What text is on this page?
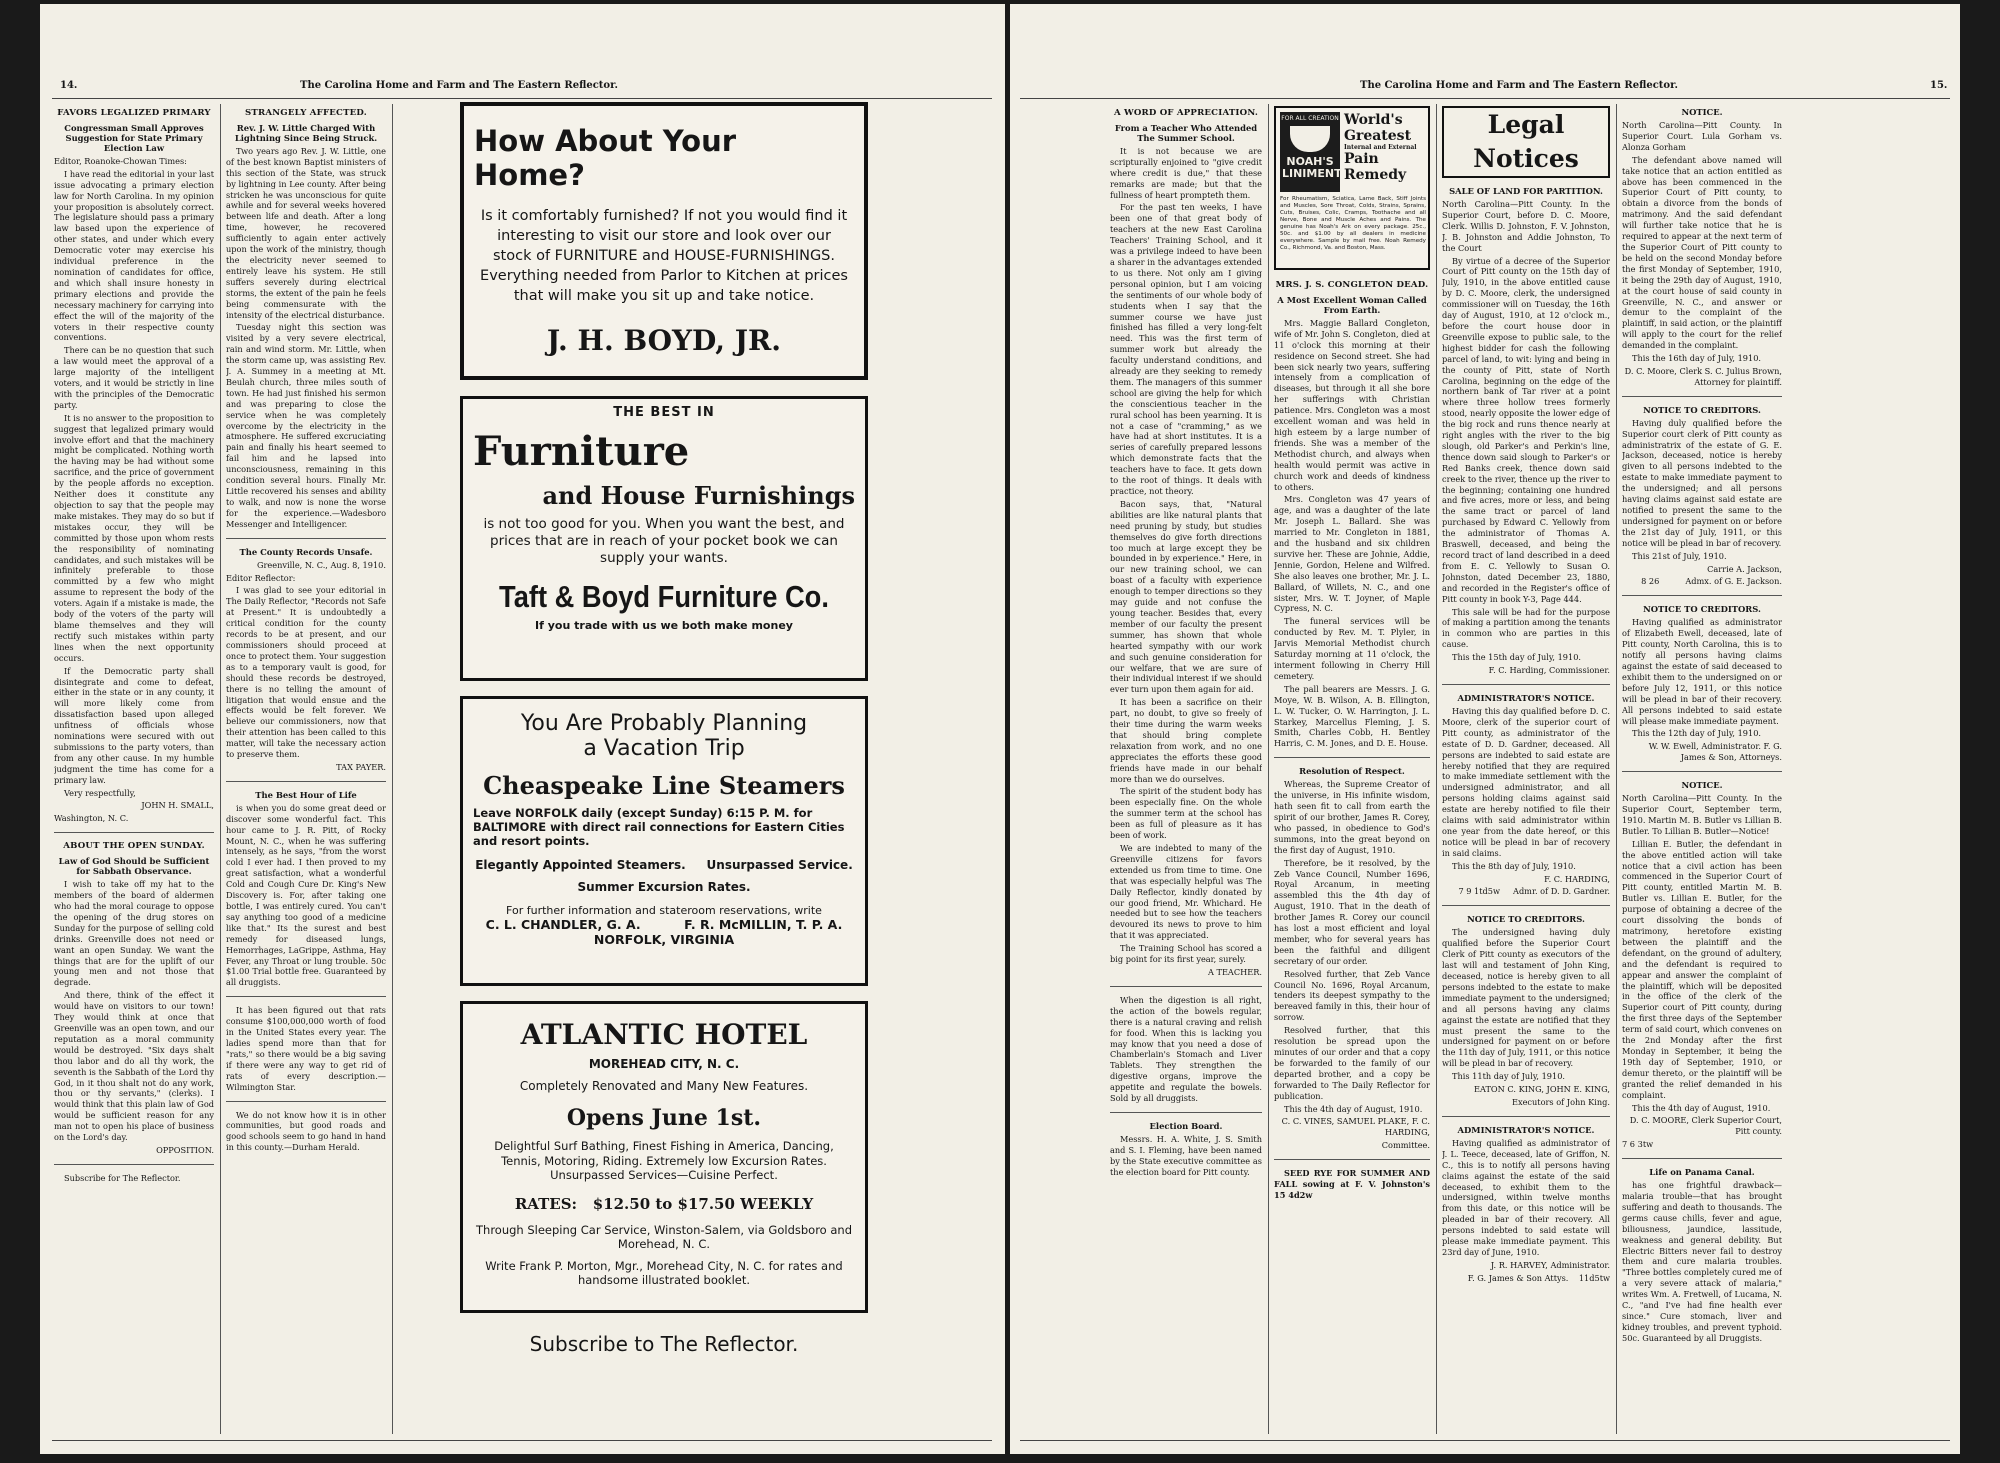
14.	The Carolina Home and Farm and The Eastern Reflector.
FAVORS LEGALIZED PRIMARY
Congressman Small Approves Suggestion for State Primary Election Law

Editor, Roanoke-Chowan Times:

I have read the editorial in your last issue advocating a primary election law for North Carolina. In my opinion your proposition is absolutely correct. The legislature should pass a primary law based upon the experience of other states, and under which every Democratic voter may exercise his individual preference in the nomination of candidates for office, and which shall insure honesty in primary elections and provide the necessary machinery for carrying into effect the will of the majority of the voters in their respective county conventions.

There can be no question that such a law would meet the approval of a large majority of the intelligent voters, and it would be strictly in line with the principles of the Democratic party.

It is no answer to the proposition to suggest that legalized primary would involve effort and that the machinery might be complicated. Nothing worth the having may be had without some sacrifice, and the price of government by the people affords no exception. Neither does it constitute any objection to say that the people may make mistakes. They may do so but if mistakes occur, they will be committed by those upon whom rests the responsibility of nominating candidates, and such mistakes will be infinitely preferable to those committed by a few who might assume to represent the body of the voters. Again if a mistake is made, the body of the voters of the party will blame themselves and they will rectify such mistakes within party lines when the next opportunity occurs.

If the Democratic party shall disintegrate and come to defeat, either in the state or in any county, it will more likely come from dissatisfaction based upon alleged unfitness of officials whose nominations were secured with out submissions to the party voters, than from any other cause. In my humble judgment the time has come for a primary law.

Very respectfully,

JOHN H. SMALL,

Washington, N. C.

ABOUT THE OPEN SUNDAY.
Law of God Should be Sufficient for Sabbath Observance.

I wish to take off my hat to the members of the board of aldermen who had the moral courage to oppose the opening of the drug stores on Sunday for the purpose of selling cold drinks. Greenville does not need or want an open Sunday. We want the things that are for the uplift of our young men and not those that degrade.

And there, think of the effect it would have on visitors to our town! They would think at once that Greenville was an open town, and our reputation as a moral community would be destroyed. "Six days shalt thou labor and do all thy work, the seventh is the Sabbath of the Lord thy God, in it thou shalt not do any work, thou or thy servants," (clerks). I would think that this plain law of God would be sufficient reason for any man not to open his place of business on the Lord's day.

OPPOSITION.

Subscribe for The Reflector.

STRANGELY AFFECTED.
Rev. J. W. Little Charged With Lightning Since Being Struck.

Two years ago Rev. J. W. Little, one of the best known Baptist ministers of this section of the State, was struck by lightning in Lee county. After being stricken he was unconscious for quite awhile and for several weeks hovered between life and death. After a long time, however, he recovered sufficiently to again enter actively upon the work of the ministry, though the electricity never seemed to entirely leave his system. He still suffers severely during electrical storms, the extent of the pain he feels being commensurate with the intensity of the electrical disturbance.

Tuesday night this section was visited by a very severe electrical, rain and wind storm. Mr. Little, when the storm came up, was assisting Rev. J. A. Summey in a meeting at Mt. Beulah church, three miles south of town. He had just finished his sermon and was preparing to close the service when he was completely overcome by the electricity in the atmosphere. He suffered excruciating pain and finally his heart seemed to fail him and he lapsed into unconsciousness, remaining in this condition several hours. Finally Mr. Little recovered his senses and ability to walk, and now is none the worse for the experience.—Wadesboro Messenger and Intelligencer.

The County Records Unsafe.

Greenville, N. C., Aug. 8, 1910.

Editor Reflector:

I was glad to see your editorial in The Daily Reflector, "Records not Safe at Present." It is undoubtedly a critical condition for the county records to be at present, and our commissioners should proceed at once to protect them. Your suggestion as to a temporary vault is good, for should these records be destroyed, there is no telling the amount of litigation that would ensue and the effects would be felt forever. We believe our commissioners, now that their attention has been called to this matter, will take the necessary action to preserve them.

TAX PAYER.

The Best Hour of Life

is when you do some great deed or discover some wonderful fact. This hour came to J. R. Pitt, of Rocky Mount, N. C., when he was suffering intensely, as he says, "from the worst cold I ever had. I then proved to my great satisfaction, what a wonderful Cold and Cough Cure Dr. King's New Discovery is. For, after taking one bottle, I was entirely cured. You can't say anything too good of a medicine like that." Its the surest and best remedy for diseased lungs, Hemorrhages, LaGrippe, Asthma, Hay Fever, any Throat or lung trouble. 50c $1.00 Trial bottle free. Guaranteed by all druggists.

It has been figured out that rats consume $100,000,000 worth of food in the United States every year. The ladies spend more than that for "rats," so there would be a big saving if there were any way to get rid of rats of every description.—Wilmington Star.

We do not know how it is in other communities, but good roads and good schools seem to go hand in hand in this county.—Durham Herald.

How About Your Home?
Is it comfortably furnished? If not you would find it interesting to visit our store and look over our stock of FURNITURE and HOUSE-FURNISHINGS. Everything needed from Parlor to Kitchen at prices that will make you sit up and take notice.
J. H. BOYD, JR.
THE BEST IN
Furniture
and House Furnishings
is not too good for you. When you want the best, and prices that are in reach of your pocket book we can supply your wants.
Taft & Boyd Furniture Co.
If you trade with us we both make money
You Are Probably Planning
a Vacation Trip
Cheaspeake Line Steamers
Leave NORFOLK daily (except Sunday) 6:15 P. M. for BALTIMORE with direct rail connections for Eastern Cities and resort points.
Elegantly Appointed Steamers.     Unsurpassed Service.
Summer Excursion Rates.
For further information and stateroom reservations, write
C. L. CHANDLER, G. A.          F. R. McMILLIN, T. P. A.
NORFOLK, VIRGINIA
ATLANTIC HOTEL
MOREHEAD CITY, N. C.
Completely Renovated and Many New Features.
Opens June 1st.
Delightful Surf Bathing, Finest Fishing in America, Dancing, Tennis, Motoring, Riding. Extremely low Excursion Rates. Unsurpassed Services—Cuisine Perfect.
RATES:   $12.50 to $17.50 WEEKLY
Through Sleeping Car Service, Winston-Salem, via Goldsboro and Morehead, N. C.
Write Frank P. Morton, Mgr., Morehead City, N. C. for rates and handsome illustrated booklet.
Subscribe to The Reflector.
The Carolina Home and Farm and The Eastern Reflector.	15.
A WORD OF APPRECIATION.
From a Teacher Who Attended The Summer School.

It is not because we are scripturally enjoined to "give credit where credit is due," that these remarks are made; but that the fullness of heart prompteth them.

For the past ten weeks, I have been one of that great body of teachers at the new East Carolina Teachers' Training School, and it was a privilege indeed to have been a sharer in the advantages extended to us there. Not only am I giving personal opinion, but I am voicing the sentiments of our whole body of students when I say that the summer course we have just finished has filled a very long-felt need. This was the first term of summer work but already the faculty understand conditions, and already are they seeking to remedy them. The managers of this summer school are giving the help for which the conscientious teacher in the rural school has been yearning. It is not a case of "cramming," as we have had at short institutes. It is a series of carefully prepared lessons which demonstrate facts that the teachers have to face. It gets down to the root of things. It deals with practice, not theory.

Bacon says, that, "Natural abilities are like natural plants that need pruning by study, but studies themselves do give forth directions too much at large except they be bounded in by experience." Here, in our new training school, we can boast of a faculty with experience enough to temper directions so they may guide and not confuse the young teacher. Besides that, every member of our faculty the present summer, has shown that whole hearted sympathy with our work and such genuine consideration for our welfare, that we are sure of their individual interest if we should ever turn upon them again for aid.

It has been a sacrifice on their part, no doubt, to give so freely of their time during the warm weeks that should bring complete relaxation from work, and no one appreciates the efforts these good friends have made in our behalf more than we do ourselves.

The spirit of the student body has been especially fine. On the whole the summer term at the school has been as full of pleasure as it has been of work.

We are indebted to many of the Greenville citizens for favors extended us from time to time. One that was especially helpful was The Daily Reflector, kindly donated by our good friend, Mr. Whichard. He needed but to see how the teachers devoured its news to prove to him that it was appreciated.

The Training School has scored a big point for its first year, surely.

A TEACHER.

When the digestion is all right, the action of the bowels regular, there is a natural craving and relish for food. When this is lacking you may know that you need a dose of Chamberlain's Stomach and Liver Tablets. They strengthen the digestive organs, improve the appetite and regulate the bowels. Sold by all druggists.

Election Board.

Messrs. H. A. White, J. S. Smith and S. I. Fleming, have been named by the State executive committee as the election board for Pitt county.

FOR ALL CREATION
NOAH'S LINIMENT
World's Greatest
Internal and External
Pain Remedy
For Rheumatism, Sciatica, Lame Back, Stiff Joints and Muscles, Sore Throat, Colds, Strains, Sprains, Cuts, Bruises, Colic, Cramps, Toothache and all Nerve, Bone and Muscle Aches and Pains. The genuine has Noah's Ark on every package. 25c., 50c. and $1.00 by all dealers in medicine everywhere. Sample by mail free. Noah Remedy Co., Richmond, Va. and Boston, Mass.
MRS. J. S. CONGLETON DEAD.
A Most Excellent Woman Called From Earth.

Mrs. Maggie Ballard Congleton, wife of Mr. John S. Congleton, died at 11 o'clock this morning at their residence on Second street. She had been sick nearly two years, suffering intensely from a complication of diseases, but through it all she bore her sufferings with Christian patience. Mrs. Congleton was a most excellent woman and was held in high esteem by a large number of friends. She was a member of the Methodist church, and always when health would permit was active in church work and deeds of kindness to others.

Mrs. Congleton was 47 years of age, and was a daughter of the late Mr. Joseph L. Ballard. She was married to Mr. Congleton in 1881, and the husband and six children survive her. These are Johnie, Addie, Jennie, Gordon, Helene and Wilfred. She also leaves one brother, Mr. J. L. Ballard, of Willets, N. C., and one sister, Mrs. W. T. Joyner, of Maple Cypress, N. C.

The funeral services will be conducted by Rev. M. T. Plyler, in Jarvis Memorial Methodist church Saturday morning at 11 o'clock, the interment following in Cherry Hill cemetery.

The pall bearers are Messrs. J. G. Moye, W. B. Wilson, A. B. Ellington, L. W. Tucker, O. W. Harrington, J. L. Starkey, Marcellus Fleming, J. S. Smith, Charles Cobb, H. Bentley Harris, C. M. Jones, and D. E. House.

Resolution of Respect.

Whereas, the Supreme Creator of the universe, in His infinite wisdom, hath seen fit to call from earth the spirit of our brother, James R. Corey, who passed, in obedience to God's summons, into the great beyond on the first day of August, 1910.

Therefore, be it resolved, by the Zeb Vance Council, Number 1696, Royal Arcanum, in meeting assembled this the 4th day of August, 1910. That in the death of brother James R. Corey our council has lost a most efficient and loyal member, who for several years has been the faithful and diligent secretary of our order.

Resolved further, that Zeb Vance Council No. 1696, Royal Arcanum, tenders its deepest sympathy to the bereaved family in this, their hour of sorrow.

Resolved further, that this resolution be spread upon the minutes of our order and that a copy be forwarded to the family of our departed brother, and a copy be forwarded to The Daily Reflector for publication.

This the 4th day of August, 1910.

C. C. VINES, SAMUEL PLAKE, F. C. HARDING,

Committee.

SEED RYE FOR SUMMER AND FALL sowing at F. V. Johnston's 15 4d2w

Legal Notices
SALE OF LAND FOR PARTITION.

North Carolina—Pitt County. In the Superior Court, before D. C. Moore, Clerk. Willis D. Johnston, F. V. Johnston, J. B. Johnston and Addie Johnston, To the Court

By virtue of a decree of the Superior Court of Pitt county on the 15th day of July, 1910, in the above entitled cause by D. C. Moore, clerk, the undersigned commissioner will on Tuesday, the 16th day of August, 1910, at 12 o'clock m., before the court house door in Greenville expose to public sale, to the highest bidder for cash the following parcel of land, to wit: lying and being in the county of Pitt, state of North Carolina, beginning on the edge of the northern bank of Tar river at a point where three hollow trees formerly stood, nearly opposite the lower edge of the big rock and runs thence nearly at right angles with the river to the big slough, old Parker's and Perkin's line, thence down said slough to Parker's or Red Banks creek, thence down said creek to the river, thence up the river to the beginning; containing one hundred and five acres, more or less, and being the same tract or parcel of land purchased by Edward C. Yellowly from the administrator of Thomas A. Braswell, deceased, and being the record tract of land described in a deed from E. C. Yellowly to Susan O. Johnston, dated December 23, 1880, and recorded in the Register's office of Pitt county in book Y-3, Page 444.

This sale will be had for the purpose of making a partition among the tenants in common who are parties in this cause.

This the 15th day of July, 1910.

F. C. Harding, Commissioner.

ADMINISTRATOR'S NOTICE.

Having this day qualified before D. C. Moore, clerk of the superior court of Pitt county, as administrator of the estate of D. D. Gardner, deceased. All persons are indebted to said estate are hereby notified that they are required to make immediate settlement with the undersigned administrator, and all persons holding claims against said estate are hereby notified to file their claims with said administrator within one year from the date hereof, or this notice will be plead in bar of recovery in said claims.

This the 8th day of July, 1910.

F. C. HARDING,

7 9 1td5w     Admr. of D. D. Gardner.

NOTICE TO CREDITORS.

The undersigned having duly qualified before the Superior Court Clerk of Pitt county as executors of the last will and testament of John King, deceased, notice is hereby given to all persons indebted to the estate to make immediate payment to the undersigned; and all persons having any claims against the estate are notified that they must present the same to the undersigned for payment on or before the 11th day of July, 1911, or this notice will be plead in bar of recovery.

This 11th day of July, 1910.

EATON C. KING, JOHN E. KING,

Executors of John King.

ADMINISTRATOR'S NOTICE.

Having qualified as administrator of J. L. Teece, deceased, late of Griffon, N. C., this is to notify all persons having claims against the estate of the said deceased, to exhibit them to the undersigned, within twelve months from this date, or this notice will be pleaded in bar of their recovery. All persons indebted to said estate will please make immediate payment. This 23rd day of June, 1910.

J. R. HARVEY, Administrator.

F. G. James & Son Attys.    11d5tw

NOTICE.

North Carolina—Pitt County. In Superior Court. Lula Gorham vs. Alonza Gorham

The defendant above named will take notice that an action entitled as above has been commenced in the Superior Court of Pitt county, to obtain a divorce from the bonds of matrimony. And the said defendant will further take notice that he is required to appear at the next term of the Superior Court of Pitt county to be held on the second Monday before the first Monday of September, 1910, it being the 29th day of August, 1910, at the court house of said county in Greenville, N. C., and answer or demur to the complaint of the plaintiff, in said action, or the plaintiff will apply to the court for the relief demanded in the complaint.

This the 16th day of July, 1910.

D. C. Moore, Clerk S. C. Julius Brown, Attorney for plaintiff.

NOTICE TO CREDITORS.

Having duly qualified before the Superior court clerk of Pitt county as administratrix of the estate of G. E. Jackson, deceased, notice is hereby given to all persons indebted to the estate to make immediate payment to the undersigned; and all persons having claims against said estate are notified to present the same to the undersigned for payment on or before the 21st day of July, 1911, or this notice will be plead in bar of recovery.

This 21st of July, 1910.

Carrie A. Jackson,

8 26          Admx. of G. E. Jackson.

NOTICE TO CREDITORS.

Having qualified as administrator of Elizabeth Ewell, deceased, late of Pitt county, North Carolina, this is to notify all persons having claims against the estate of said deceased to exhibit them to the undersigned on or before July 12, 1911, or this notice will be plead in bar of their recovery. All persons indebted to said estate will please make immediate payment.

This the 12th day of July, 1910.

W. W. Ewell, Administrator. F. G. James & Son, Attorneys.

NOTICE.

North Carolina—Pitt County. In the Superior Court, September term, 1910. Martin M. B. Butler vs Lillian B. Butler. To Lillian B. Butler—Notice!

Lillian E. Butler, the defendant in the above entitled action will take notice that a civil action has been commenced in the Superior Court of Pitt county, entitled Martin M. B. Butler vs. Lillian E. Butler, for the purpose of obtaining a decree of the court dissolving the bonds of matrimony, heretofore existing between the plaintiff and the defendant, on the ground of adultery, and the defendant is required to appear and answer the complaint of the plaintiff, which will be deposited in the office of the clerk of the Superior court of Pitt county, during the first three days of the September term of said court, which convenes on the 2nd Monday after the first Monday in September, it being the 19th day of September, 1910, or demur thereto, or the plaintiff will be granted the relief demanded in his complaint.

This the 4th day of August, 1910.

D. C. MOORE, Clerk Superior Court, Pitt county.

7 6 3tw

Life on Panama Canal.

has one frightful drawback—malaria trouble—that has brought suffering and death to thousands. The germs cause chills, fever and ague, biliousness, jaundice, lassitude, weakness and general debility. But Electric Bitters never fail to destroy them and cure malaria troubles. "Three bottles completely cured me of a very severe attack of malaria," writes Wm. A. Fretwell, of Lucama, N. C., "and I've had fine health ever since." Cure stomach, liver and kidney troubles, and prevent typhoid. 50c. Guaranteed by all Druggists.
